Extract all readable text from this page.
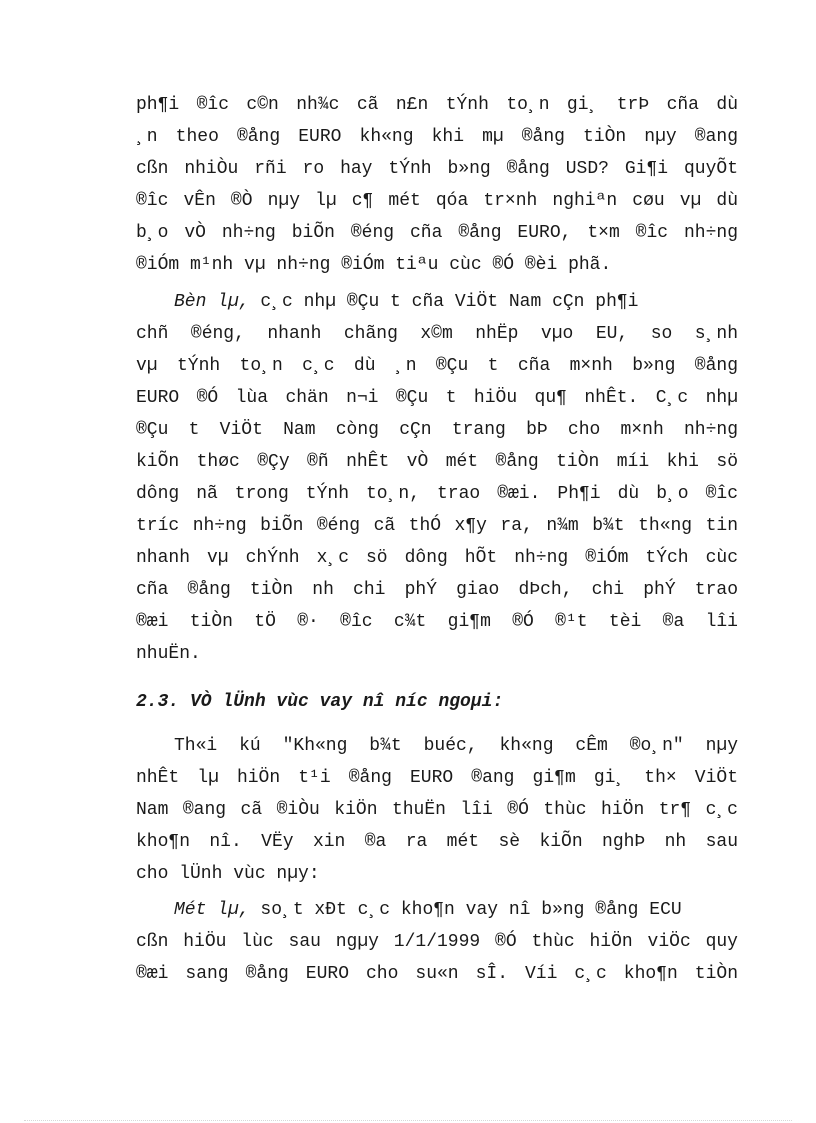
ph¶i ®îc c©n nh¾c cã n£n tÝnh to¸n gi¸ trÞ cña dù
¸n theo ®ång EURO kh«ng khi mµ ®ång tiÒn nµy ®ang
cßn nhiÒu rñi ro hay tÝnh b»ng ®ång USD? Gi¶i quyÕt
®îc vÊn ®Ò nµy lµ c¶ mét qóa tr×nh nghiªn cøu vµ dù
b¸o vÒ nh÷ng biÕn ®éng cña ®ång EURO, t×m ®îc nh÷ng
®iÓm m¹nh vµ nh÷ng ®iÓm tiªu cùc ®Ó ®èi phã.
Bèn lµ, c¸c nhµ ®Çu t cña ViÖt Nam cÇn ph¶i
chñ ®éng, nhanh chãng x©m nhËp vµo EU, so s¸nh
vµ tÝnh to¸n c¸c dù ¸n ®Çu t cña m×nh b»ng ®ång
EURO ®Ó lùa chän n¬i ®Çu t hiÖu qu¶ nhÊt. C¸c nhµ
®Çu t ViÖt Nam còng cÇn trang bÞ cho m×nh nh÷ng
kiÕn thøc ®Çy ®ñ nhÊt vÒ mét ®ång tiÒn míi khi sö
dông nã trong tÝnh to¸n, trao ®æi. Ph¶i dù b¸o ®îc
tríc nh÷ng biÕn ®éng cã thÓ x¶y ra, n¾m b¾t th«ng tin
nhanh vµ chÝnh x¸c sö dông hÕt nh÷ng ®iÓm tÝch cùc
cña ®ång tiÒn nh chi phÝ giao dÞch, chi phÝ trao
®æi tiÒn tÖ ®· ®îc c¾t gi¶m ®Ó ®¹t tèi ®a lîi
nhuËn.
2.3. VÒ lÜnh vùc vay nî níc ngoµi:
Th«i kú "Kh«ng b¾t buéc, kh«ng cÊm ®o¸n" nµy
nhÊt lµ hiÖn t¹i ®ång EURO ®ang gi¶m gi¸ th× ViÖt
Nam ®ang cã ®iÒu kiÖn thuËn lîi ®Ó thùc hiÖn tr¶ c¸c
kho¶n nî. VËy xin ®a ra mét sè kiÕn nghÞ nh sau
cho lÜnh vùc nµy:
Mét lµ, so¸t xÐt c¸c kho¶n vay nî b»ng ®ång ECU
cßn hiÖu lùc sau ngµy 1/1/1999 ®Ó thùc hiÖn viÖc quy
®æi sang ®ång EURO cho su«n sÎ. Víi c¸c kho¶n tiÒn
